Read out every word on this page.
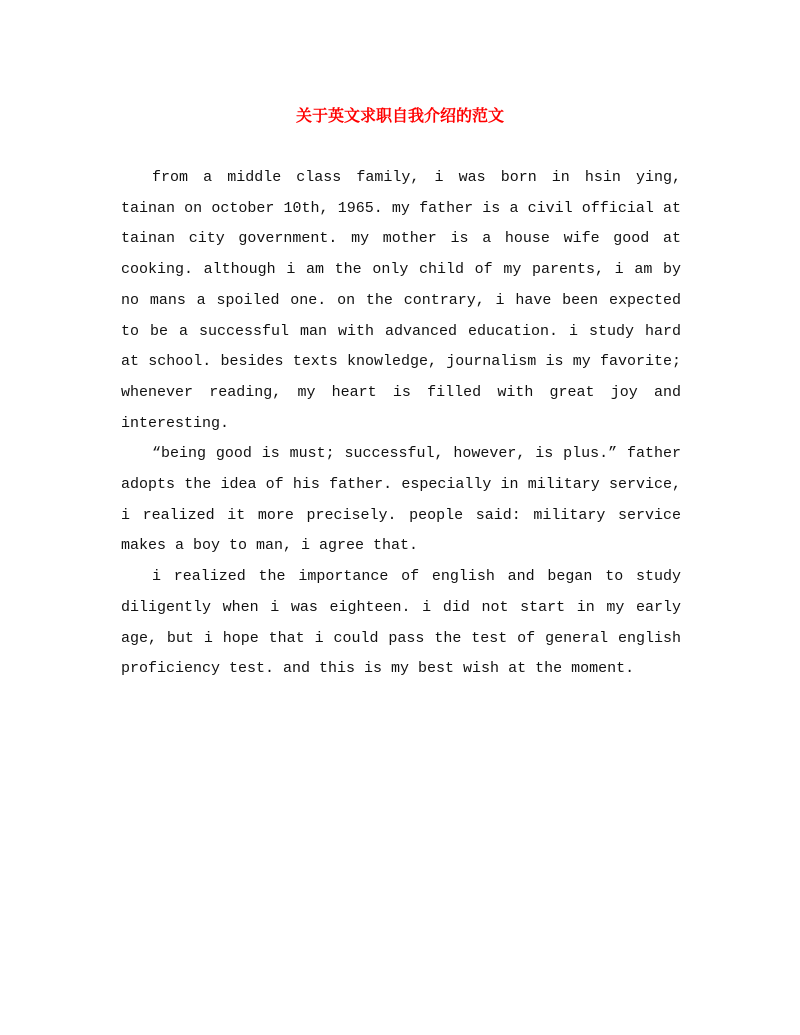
关于英文求职自我介绍的范文

from a middle class family, i was born in hsin ying, tainan on october 10th, 1965. my father is a civil official at tainan city government. my mother is a house wife good at cooking. although i am the only child of my parents, i am by no mans a spoiled one. on the contrary, i have been expected to be a successful man with advanced education. i study hard at school. besides texts knowledge, journalism is my favorite; whenever reading, my heart is filled with great joy and interesting.

“being good is must; successful, however, is plus.” father adopts the idea of his father. especially in military service, i realized it more precisely. people said: military service makes a boy to man, i agree that.

i realized the importance of english and began to study diligently when i was eighteen. i did not start in my early age, but i hope that i could pass the test of general english proficiency test. and this is my best wish at the moment.
